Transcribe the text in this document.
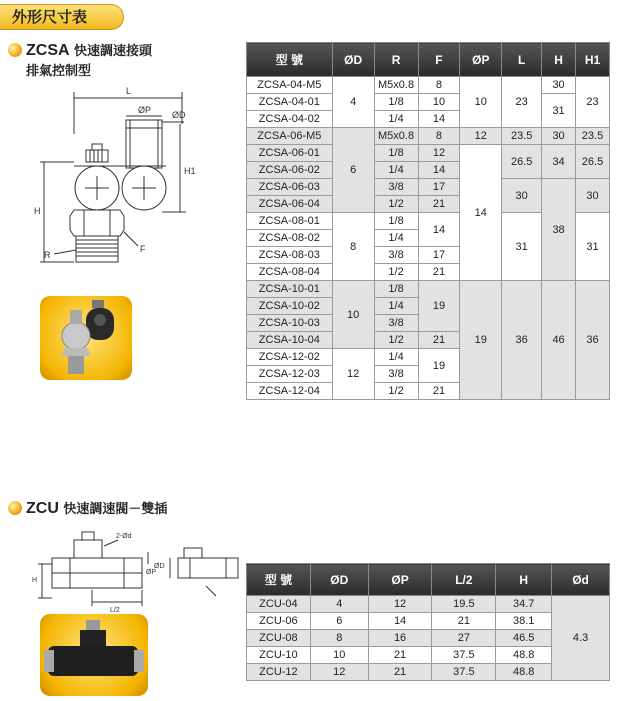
外形尺寸表
ZCSA 快速調速接頭
排氣控制型
L
ØP ØD
H
H1
R
F
型 號	ØD	R	F	ØP	L	H	H1
ZCSA-04-M5	4	M5x0.8	8	10	23	30	23
ZCSA-04-01		1/8	10			31	
ZCSA-04-02		1/4	14				
ZCSA-06-M5	6	M5x0.8	8	12	23.5	30	23.5
ZCSA-06-01		1/8	12	14	26.5	34	26.5
ZCSA-06-02		1/4	14				
ZCSA-06-03		3/8	17		30	38	30
ZCSA-06-04		1/2	21				
ZCSA-08-01	8	1/8	14		31		31
ZCSA-08-02		1/4					
ZCSA-08-03		3/8	17				
ZCSA-08-04		1/2	21				
ZCSA-10-01	10	1/8	19	19	36	46	36
ZCSA-10-02		1/4					
ZCSA-10-03		3/8					
ZCSA-10-04		1/2	21				
ZCSA-12-02	12	1/4	19				
ZCSA-12-03		3/8					
ZCSA-12-04		1/2	21				
ZCU 快速調速閥－雙插
2-Ød
L/2
H
ØP
ØD
型 號	ØD	ØP	L/2	H	Ød
ZCU-04	4	12	19.5	34.7	4.3
ZCU-06	6	14	21	38.1	
ZCU-08	8	16	27	46.5	
ZCU-10	10	21	37.5	48.8	
ZCU-12	12	21	37.5	48.8	
